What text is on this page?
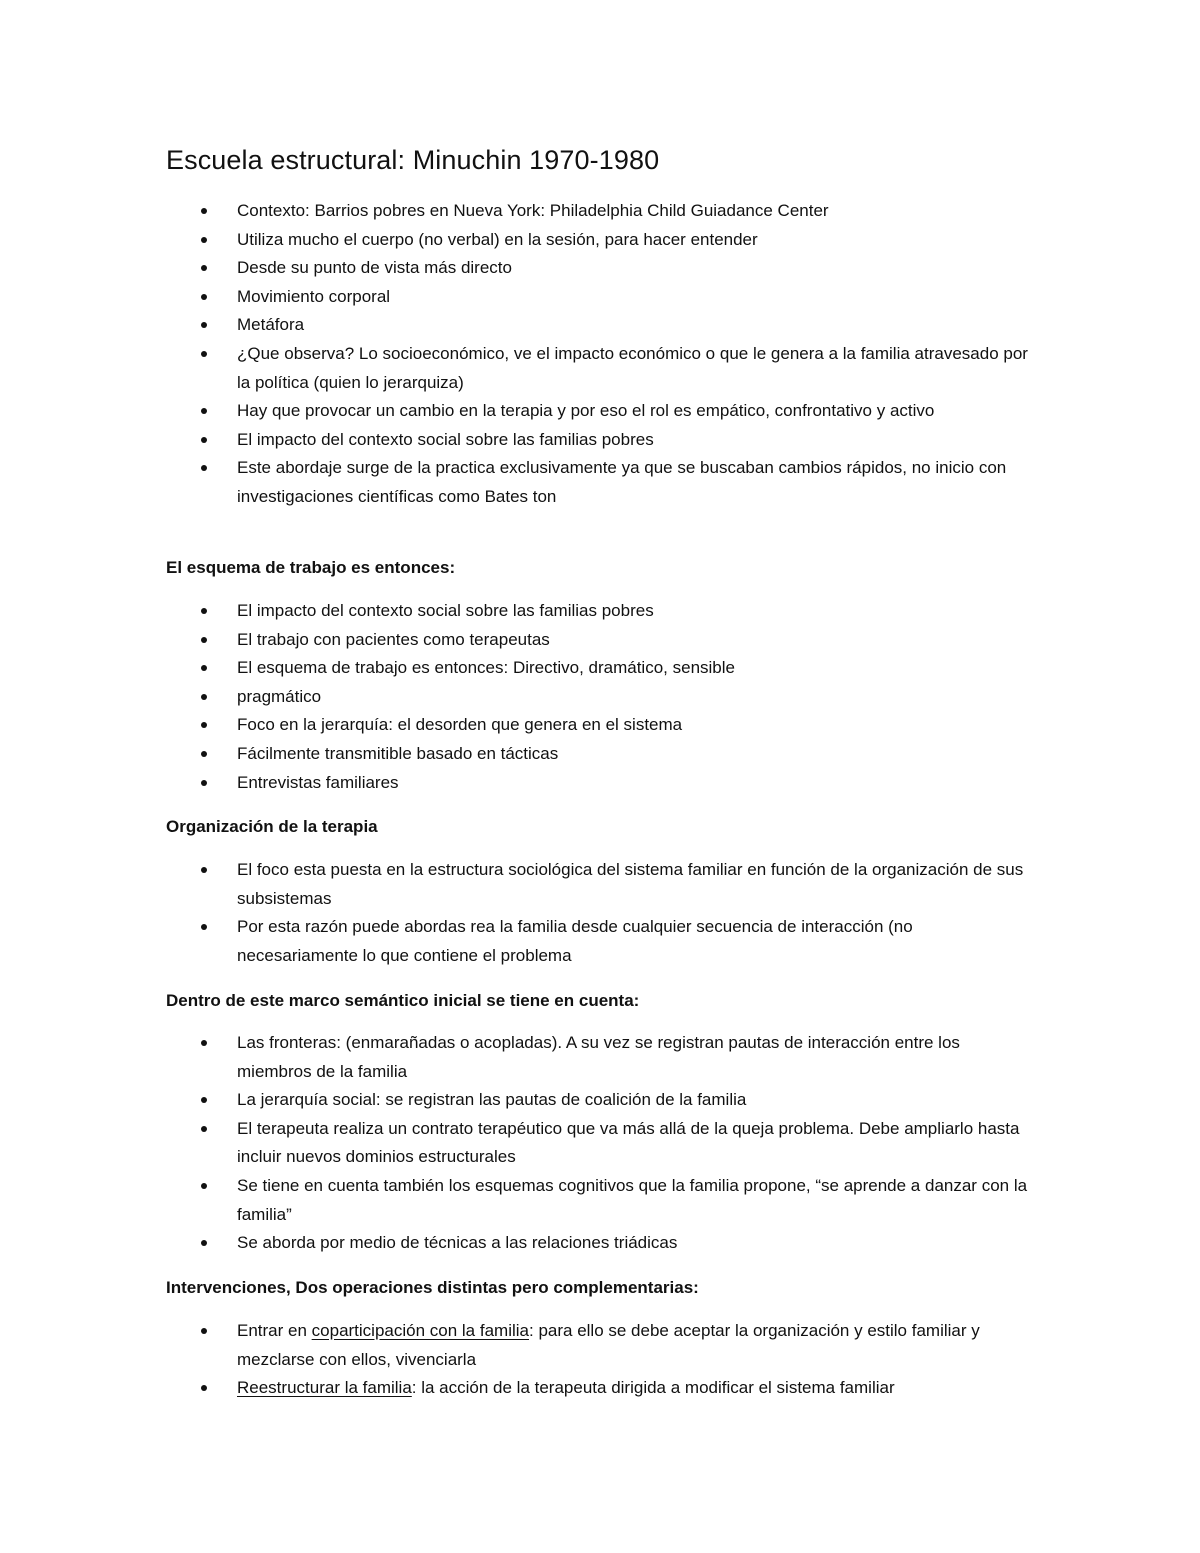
Escuela estructural: Minuchin 1970-1980
Contexto: Barrios pobres en Nueva York: Philadelphia Child Guiadance Center
Utiliza mucho el cuerpo (no verbal) en la sesión, para hacer entender
Desde su punto de vista más directo
Movimiento corporal
Metáfora
¿Que observa? Lo socioeconómico, ve el impacto económico o que le genera a la familia atravesado por la política (quien lo jerarquiza)
Hay que provocar un cambio en la terapia y por eso el rol es empático, confrontativo y activo
El impacto del contexto social sobre las familias pobres
Este abordaje surge de la practica exclusivamente ya que se buscaban cambios rápidos, no inicio con investigaciones científicas como Bates ton
El esquema de trabajo es entonces:
El impacto del contexto social sobre las familias pobres
El trabajo con pacientes como terapeutas
El esquema de trabajo es entonces: Directivo, dramático, sensible
pragmático
Foco en la jerarquía: el desorden que genera en el sistema
Fácilmente transmitible basado en tácticas
Entrevistas familiares
Organización de la terapia
El foco esta puesta en la estructura sociológica del sistema familiar en función de la organización de sus subsistemas
Por esta razón puede abordas rea la familia desde cualquier secuencia de interacción (no necesariamente lo que contiene el problema
Dentro de este marco semántico inicial se tiene en cuenta:
Las fronteras: (enmarañadas o acopladas). A su vez se registran pautas de interacción entre los miembros de la familia
La jerarquía social: se registran las pautas de coalición de la familia
El terapeuta realiza un contrato terapéutico que va más allá de la queja problema. Debe ampliarlo hasta incluir nuevos dominios estructurales
Se tiene en cuenta también los esquemas cognitivos que la familia propone, “se aprende a danzar con la familia”
Se aborda por medio de técnicas a las relaciones triádicas
Intervenciones, Dos operaciones distintas pero complementarias:
Entrar en coparticipación con la familia: para ello se debe aceptar la organización y estilo familiar y mezclarse con ellos, vivenciarla
Reestructurar la familia: la acción de la terapeuta dirigida a modificar el sistema familiar
